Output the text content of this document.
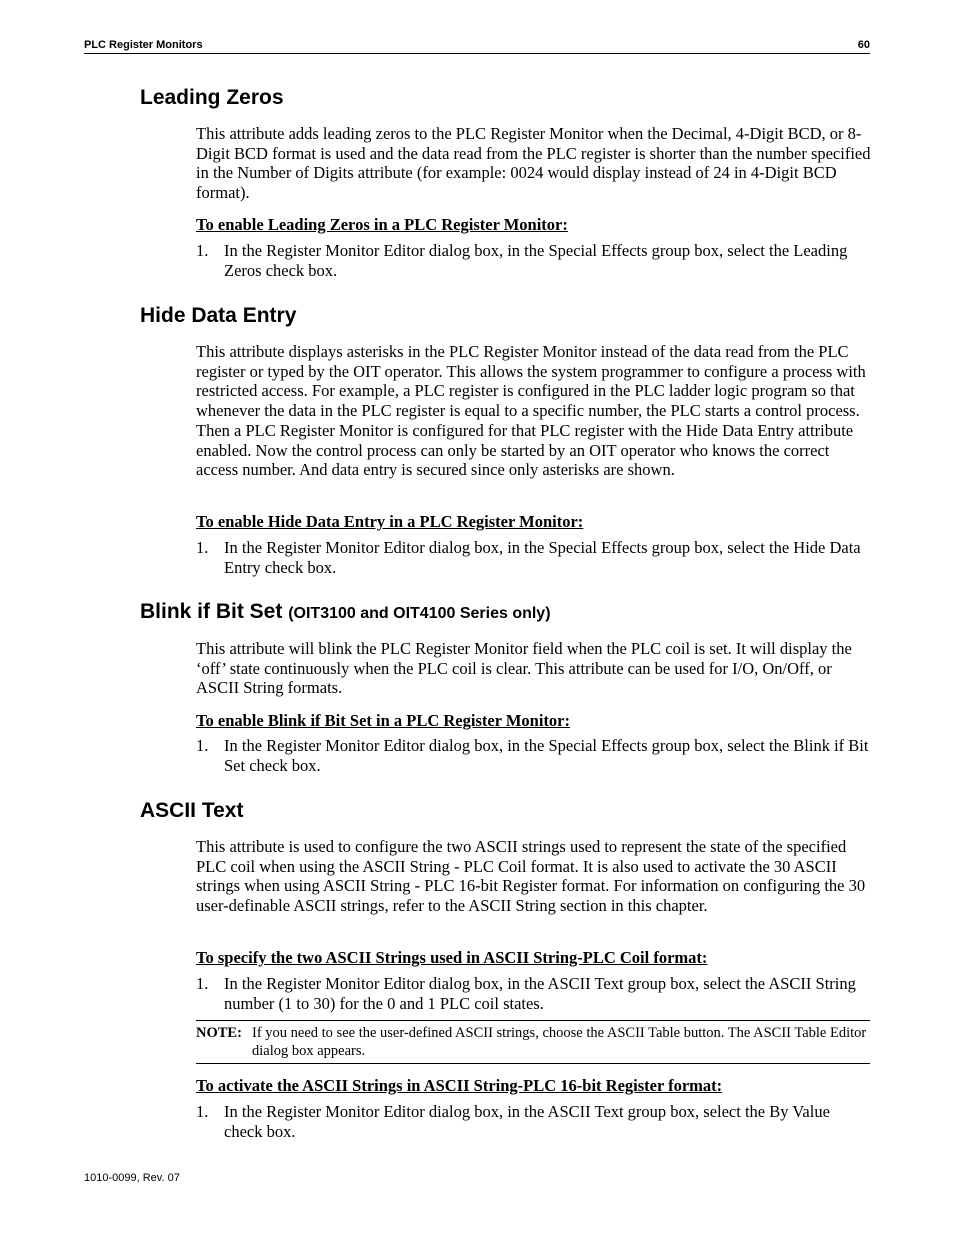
PLC Register Monitors	60
Leading Zeros
This attribute adds leading zeros to the PLC Register Monitor when the Decimal, 4-Digit BCD, or 8-Digit BCD format is used and the data read from the PLC register is shorter than the number specified in the Number of Digits attribute (for example: 0024 would display instead of 24 in 4-Digit BCD format).
To enable Leading Zeros in a PLC Register Monitor:
1. In the Register Monitor Editor dialog box, in the Special Effects group box, select the Leading Zeros check box.
Hide Data Entry
This attribute displays asterisks in the PLC Register Monitor instead of the data read from the PLC register or typed by the OIT operator. This allows the system programmer to configure a process with restricted access. For example, a PLC register is configured in the PLC ladder logic program so that whenever the data in the PLC register is equal to a specific number, the PLC starts a control process. Then a PLC Register Monitor is configured for that PLC register with the Hide Data Entry attribute enabled. Now the control process can only be started by an OIT operator who knows the correct access number. And data entry is secured since only asterisks are shown.
To enable Hide Data Entry in a PLC Register Monitor:
1. In the Register Monitor Editor dialog box, in the Special Effects group box, select the Hide Data Entry check box.
Blink if Bit Set (OIT3100 and OIT4100 Series only)
This attribute will blink the PLC Register Monitor field when the PLC coil is set. It will display the ‘off’ state continuously when the PLC coil is clear. This attribute can be used for I/O, On/Off, or ASCII String formats.
To enable Blink if Bit Set in a PLC Register Monitor:
1. In the Register Monitor Editor dialog box, in the Special Effects group box, select the Blink if Bit Set check box.
ASCII Text
This attribute is used to configure the two ASCII strings used to represent the state of the specified PLC coil when using the ASCII String - PLC Coil format. It is also used to activate the 30 ASCII strings when using ASCII String - PLC 16-bit Register format. For information on configuring the 30 user-definable ASCII strings, refer to the ASCII String section in this chapter.
To specify the two ASCII Strings used in ASCII String-PLC Coil format:
1. In the Register Monitor Editor dialog box, in the ASCII Text group box, select the ASCII String number (1 to 30) for the 0 and 1 PLC coil states.
NOTE: If you need to see the user-defined ASCII strings, choose the ASCII Table button. The ASCII Table Editor dialog box appears.
To activate the ASCII Strings in ASCII String-PLC 16-bit Register format:
1. In the Register Monitor Editor dialog box, in the ASCII Text group box, select the By Value check box.
1010-0099, Rev. 07
